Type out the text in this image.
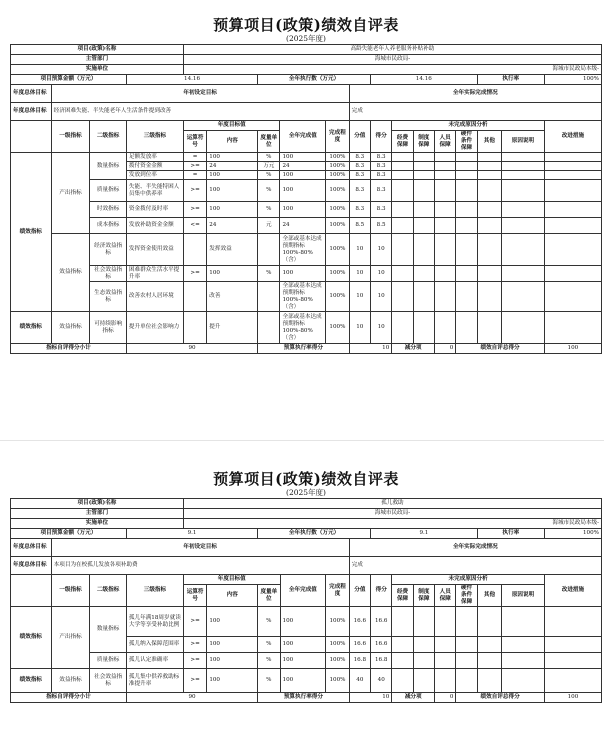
预算项目(政策)绩效自评表
(2025年度)
项目(政策)名称				高龄失能老年人养老服务补贴补助													
主管部门				海城市民政局-													
实施单位				海城市民政局本级-													
项目预算金额（万元）			14.16			全年执行数（万元）				14.16					执行率		100%
年度总体目标	年初设定目标								全年实际完成情况								
年度总体目标	经济困难失能、半失能老年人生活条件提到改善								完成								
	一级指标	二级指标	三级指标	年度目标值			全年完成值	完成程度	分值	得分	未完成原因分析						改进措施
				运算符号	内容	度量单位					经费保障	制度保障	人员保障	硬件条件保障	其他	原因说明	
绩效指标	产出指标	数量指标	足额发放率	=	100	%	100	100%	8.3	8.3							
			拨付资金金额	>=	24	万元	24	100%	8.3	8.3							
			发放到位率	=	100	%	100	100%	8.3	8.3							
		质量指标	失能、半失能特困人员集中供养率	>=	100	%	100	100%	8.3	8.3							
		时效指标	资金拨付及时率	>=	100	%	100	100%	8.3	8.3							
		成本指标	发放补助资金金额	<=	24	元	24	100%	8.5	8.5							
	效益指标	经济效益指标	发挥资金使用效益		发挥效益		全部或基本达成预期指标100%-80%（含）	100%	10	10							
		社会效益指标	困难群众生活水平提升率	>=	100	%	100	100%	10	10							
		生态效益指标	改善农村人居环境		改善		全部或基本达成预期指标100%-80%（含）	100%	10	10							
绩效指标	效益指标	可持续影响指标	提升单位社会影响力		提升		全部或基本达成预期指标100%-80%（含）	100%	10	10							
指标自评得分小计			90			预算执行率得分			10		减分项		0	绩效自评总得分			100
预算项目(政策)绩效自评表
(2025年度)
项目(政策)名称				孤儿救助													
主管部门				海城市民政局-													
实施单位				海城市民政局本级-													
项目预算金额（万元）			9.1			全年执行数（万元）				9.1					执行率		100%
年度总体目标	年初设定目标								全年实际完成情况								
年度总体目标	本项目为在校孤儿发放各项补助费								完成								
	一级指标	二级指标	三级指标	年度目标值			全年完成值	完成程度	分值	得分	未完成原因分析						改进措施
				运算符号	内容	度量单位					经费保障	制度保障	人员保障	硬件条件保障	其他	原因说明	
绩效指标	产出指标	数量指标	孤儿年满18周岁就读大学等享受补助比例	>=	100	%	100	100%	16.6	16.6							
			孤儿纳入保障范围率	>=	100	%	100	100%	16.6	16.6							
		质量指标	孤儿认定准确率	>=	100	%	100	100%	16.8	16.8							
绩效指标	效益指标	社会效益指标	孤儿集中供养救助标准提升率	>=	100	%	100	100%	40	40							
指标自评得分小计			90			预算执行率得分			10		减分项		0	绩效自评总得分			100
